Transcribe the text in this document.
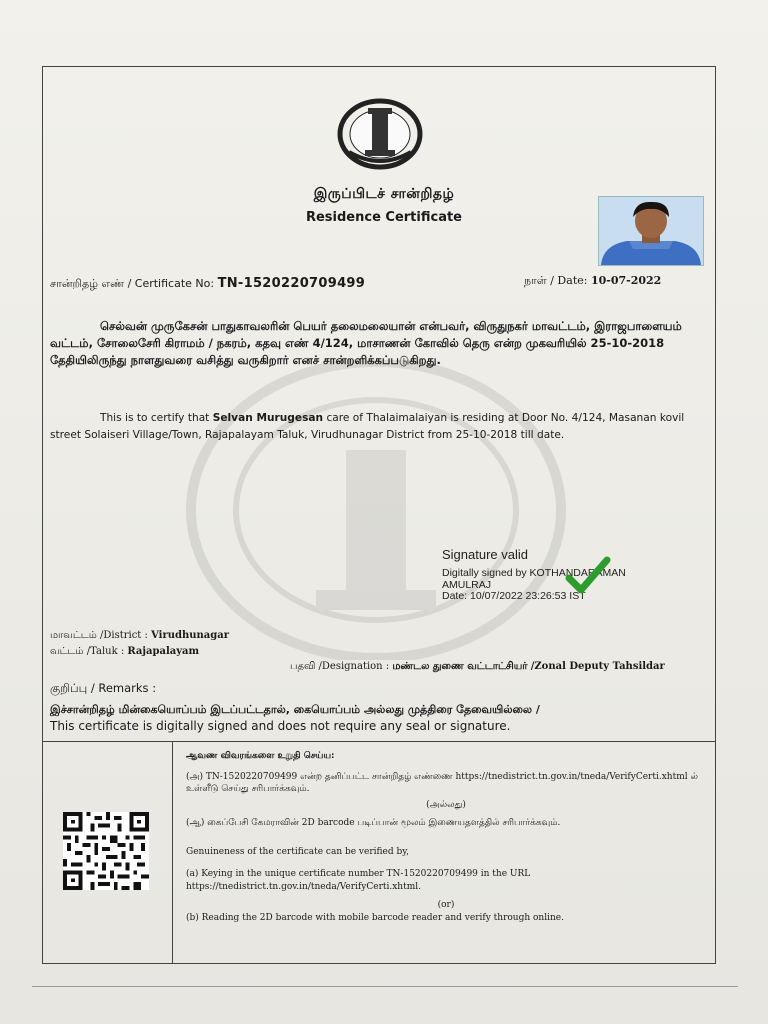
இருப்பிடச் சான்றிதழ்
Residence Certificate
சான்றிதழ் எண் / Certificate No: TN-1520220709499	நாள் / Date: 10-07-2022
செல்வன் முருகேசன் பாதுகாவலரின் பெயர் தலைமலையான் என்பவர், விருதுநகர் மாவட்டம், இராஜபாளையம் வட்டம், சோலைசேரி கிராமம் / நகரம், கதவு எண் 4/124, மாசாணன் கோவில் தெரு என்ற முகவரியில் 25-10-2018 தேதியிலிருந்து நாளதுவரை வசித்து வருகிறார் எனச் சான்றளிக்கப்படுகிறது.
This is to certify that Selvan Murugesan care of Thalaimalaiyan is residing at Door No. 4/124, Masanan kovil street Solaiseri Village/Town, Rajapalayam Taluk, Virudhunagar District from 25-10-2018 till date.
Signature valid
Digitally signed by KOTHANDARAMAN
AMULRAJ
Date: 10/07/2022 23:26:53 IST
மாவட்டம் /District : Virudhunagar
வட்டம் /Taluk : Rajapalayam
பதவி /Designation : மண்டல துணை வட்டாட்சியர் /Zonal Deputy Tahsildar
குறிப்பு / Remarks :
இச்சான்றிதழ் மின்கையொப்பம் இடப்பட்டதால், கையொப்பம் அல்லது முத்திரை தேவையில்லை /
This certificate is digitally signed and does not require any seal or signature.

ஆவண விவரங்களை உறுதி செய்ய:

(அ) TN-1520220709499 என்ற தனிப்பட்ட சான்றிதழ் எண்ணை https://tnedistrict.tn.gov.in/tneda/VerifyCerti.xhtml ல் உள்ளீடு செய்து சரிபார்க்கவும்.

(அல்லது)

(ஆ) கைப்பேசி கேமராவின் 2D barcode படிப்பான் மூலம் இணையதளத்தில் சரிபார்க்கவும்.

Genuineness of the certificate can be verified by,

(a) Keying in the unique certificate number TN-1520220709499 in the URL https://tnedistrict.tn.gov.in/tneda/VerifyCerti.xhtml.

(or)

(b) Reading the 2D barcode with mobile barcode reader and verify through online.
